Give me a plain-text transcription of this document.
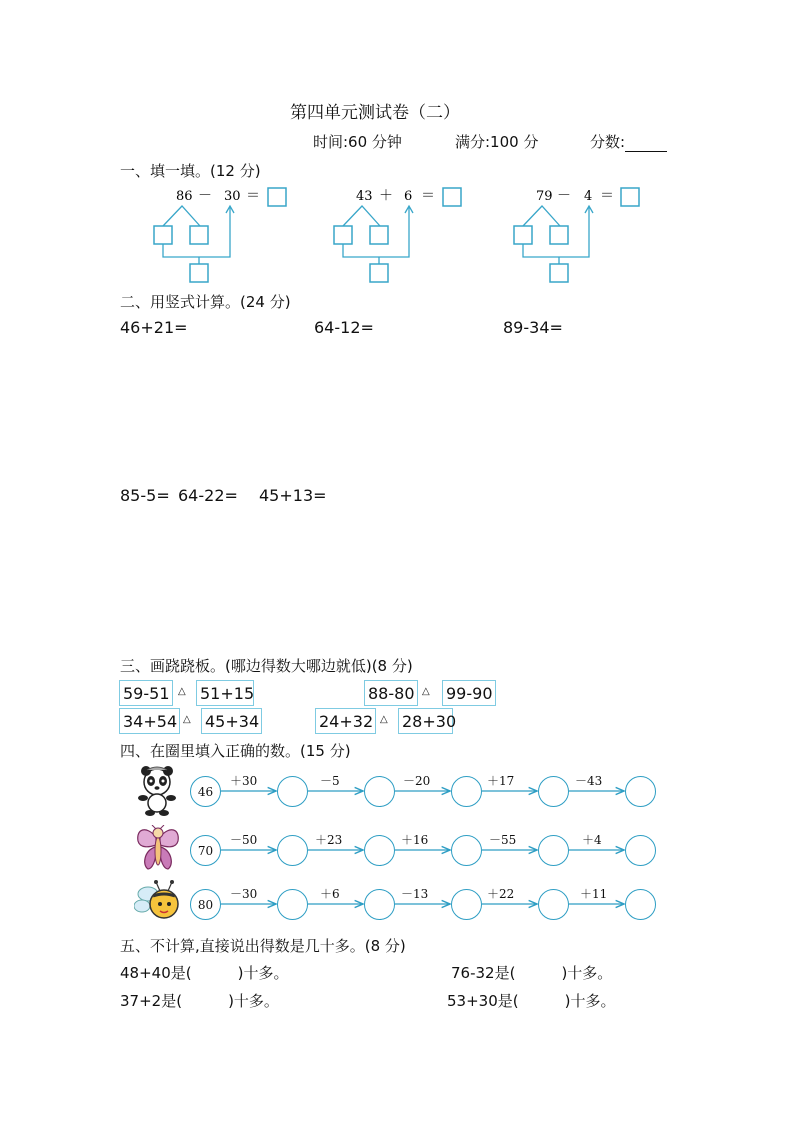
第四单元测试卷（二）
时间:60 分钟	满分:100 分	分数:
一、填一填。(12 分)
86 － 30 ＝	43 ＋ 6 ＝	79 － 4 ＝
二、用竖式计算。(24 分)
46+21=	64-12=	89-34=
85-5= 64-22= 45+13=
三、画跷跷板。(哪边得数大哪边就低)(8 分)
59-51 △ 51+15	88-80 △ 99-90
34+54 △ 45+34	24+32 △ 28+30
四、在圈里填入正确的数。(15 分)
46
＋30	－5	－20	＋17	－43
70
－50	＋23	＋16	－55	＋4
80
－30	＋6	－13	＋22	＋11
五、不计算,直接说出得数是几十多。(8 分)
48+40是(	)十多。	76-32是(	)十多。
37+2是(	)十多。	53+30是(	)十多。
